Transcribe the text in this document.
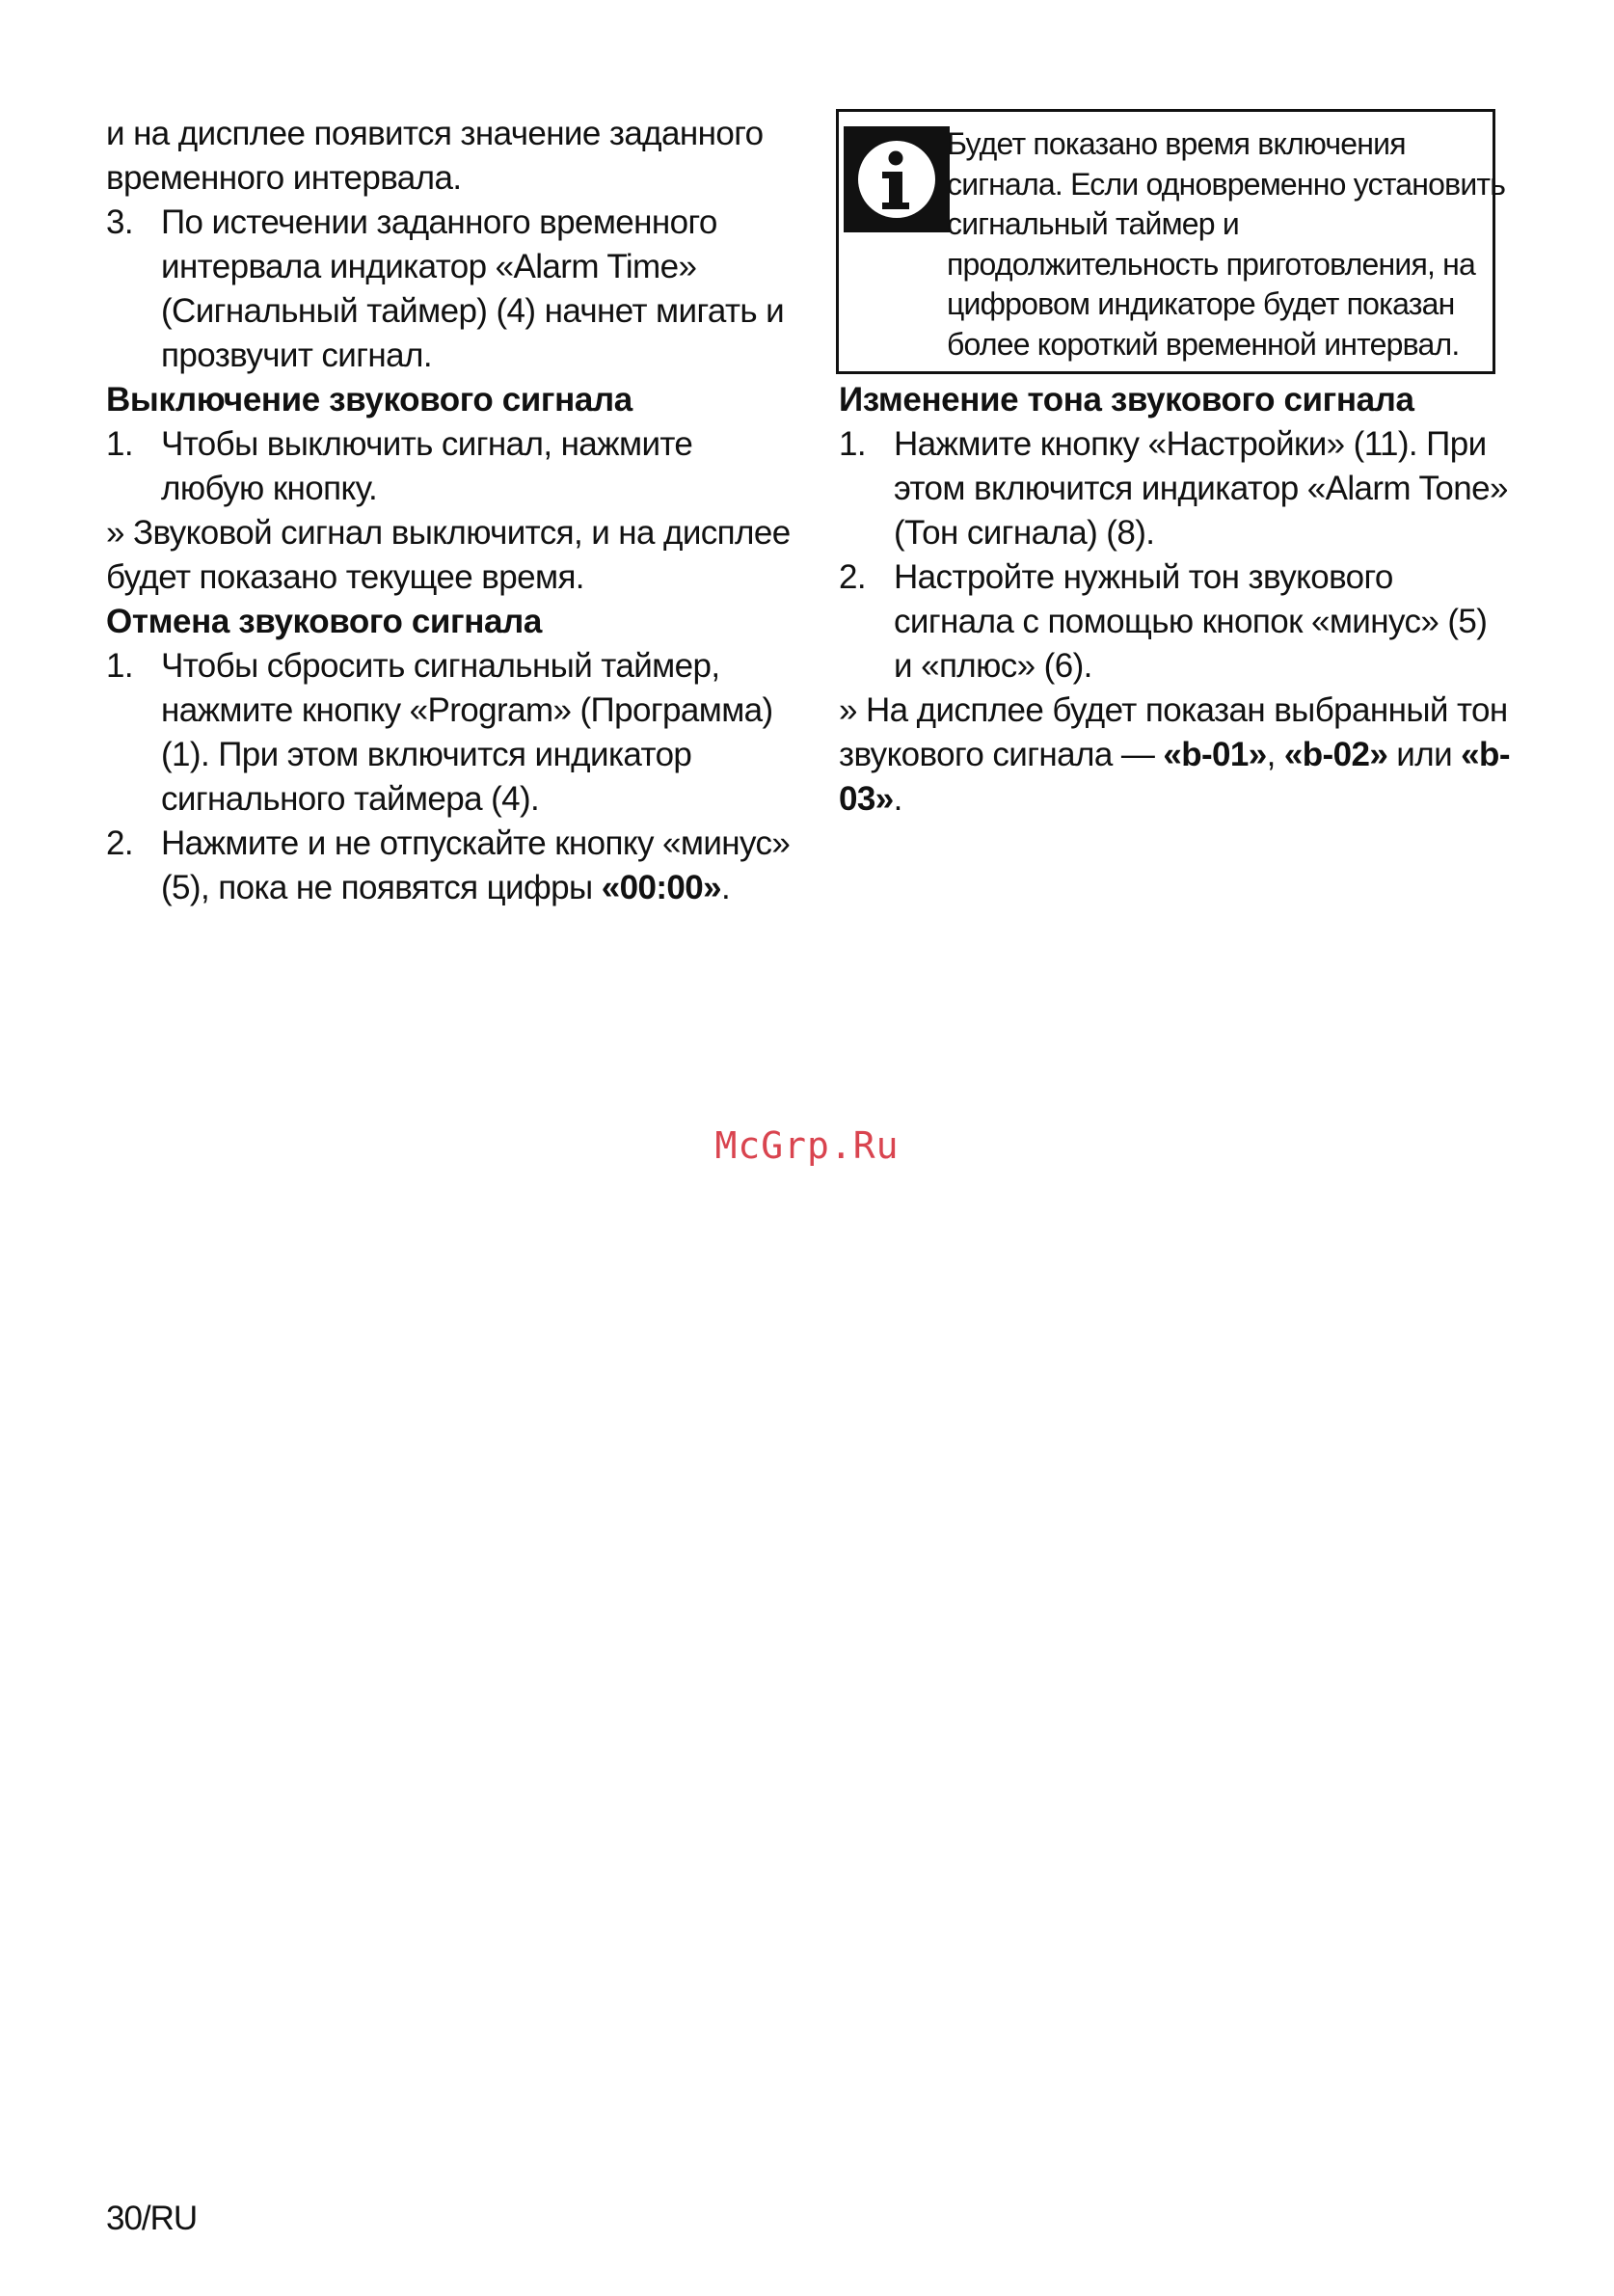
и на дисплее появится значение заданного временного интервала.

3. По истечении заданного временного интервала индикатор «Alarm Time» (Сигнальный таймер) (4) начнет мигать и прозвучит сигнал.
Выключение звукового сигнала
1. Чтобы выключить сигнал, нажмите любую кнопку.

» Звуковой сигнал выключится, и на дисплее будет показано текущее время.

Отмена звукового сигнала
1. Чтобы сбросить сигнальный таймер, нажмите кнопку «Program» (Программа) (1). При этом включится индикатор сигнального таймера (4).
2. Нажмите и не отпускайте кнопку «минус» (5), пока не появятся цифры «00:00».
Будет показано время включения
сигнала. Если одновременно установить
сигнальный таймер и
продолжительность приготовления, на
цифровом индикаторе будет показан
более короткий временной интервал.
Изменение тона звукового сигнала
1. Нажмите кнопку «Настройки» (11). При этом включится индикатор «Alarm Tone» (Тон сигнала) (8).
2. Настройте нужный тон звукового сигнала с помощью кнопок «минус» (5) и «плюс» (6).

» На дисплее будет показан выбранный тон звукового сигнала — «b-01», «b-02» или «b-03».

McGrp.Ru
30/RU
